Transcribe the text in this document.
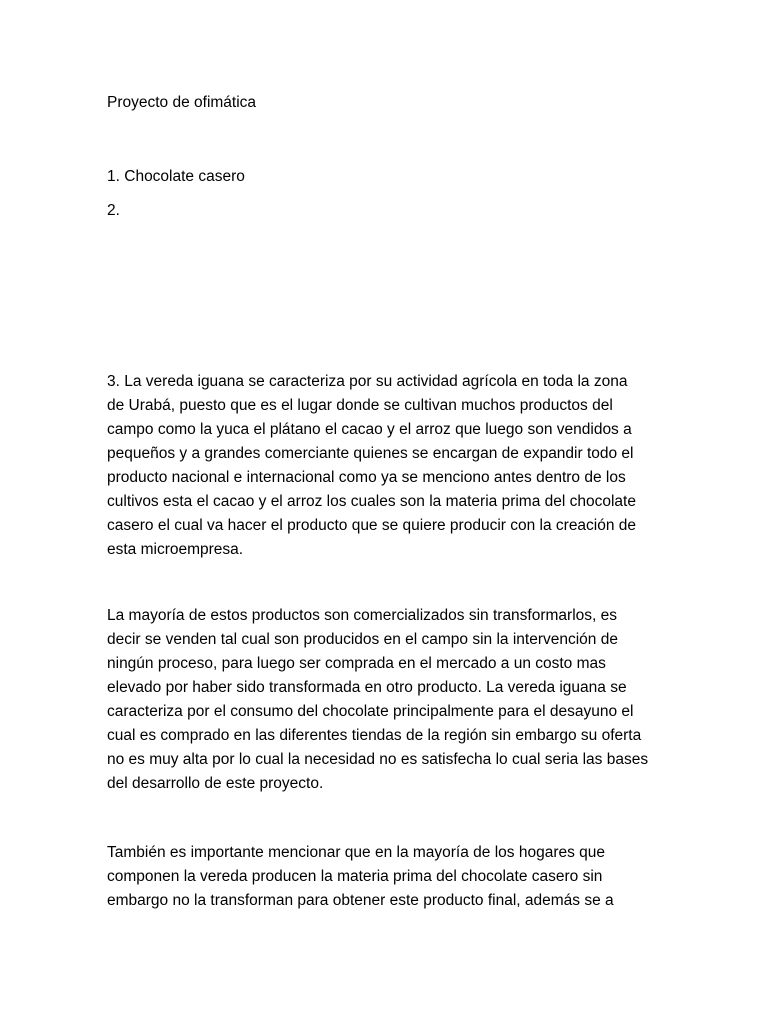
Proyecto de ofimática
1. Chocolate casero
2.
3. La vereda iguana se caracteriza por su actividad agrícola en toda la zona
de Urabá, puesto que es el lugar donde se cultivan muchos productos del
campo como la yuca el plátano el cacao y el arroz que luego son vendidos a
pequeños y a grandes comerciante quienes se encargan de expandir todo el
producto nacional e internacional como ya se menciono antes dentro de los
cultivos esta el cacao y el arroz los cuales son la materia prima del chocolate
casero el cual va hacer el producto que se quiere producir con la creación de
esta microempresa.
La mayoría de estos productos son comercializados sin transformarlos, es
decir se venden tal cual son producidos en el campo sin la intervención de
ningún proceso, para luego ser comprada en el mercado a un costo mas
elevado por haber sido transformada en otro producto. La vereda iguana se
caracteriza por el consumo del chocolate principalmente para el desayuno el
cual es comprado en las diferentes tiendas de la región sin embargo su oferta
no es muy alta por lo cual la necesidad no es satisfecha lo cual seria las bases
del desarrollo de este proyecto.
También es importante mencionar que en la mayoría de los hogares que
componen la vereda producen la materia prima del chocolate casero sin
embargo no la transforman para obtener este producto final, además se a
